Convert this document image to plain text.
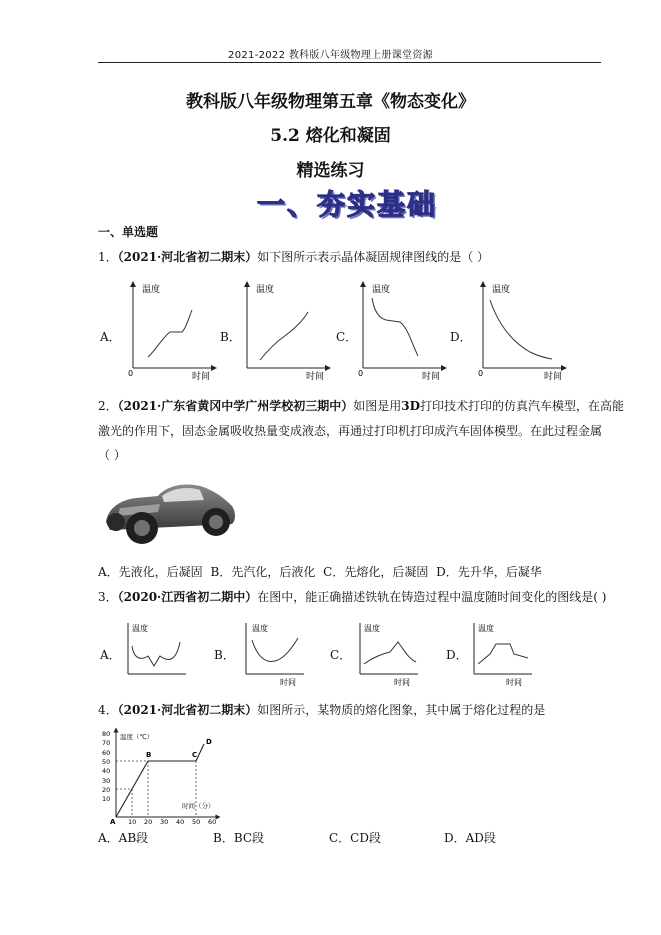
2021-2022 教科版八年级物理上册课堂资源
教科版八年级物理第五章《物态变化》
5.2 熔化和凝固
精选练习
一、夯实基础
一、单选题
1．（2021·河北省初二期末）如下图所示表示晶体凝固规律图线的是（ ）
A．
温度
时间
0
B．
温度
时间
C．
温度
时间
0
D．
温度
时间
0
2．（2021·广东省黄冈中学广州学校初三期中）如图是用3D打印技术打印的仿真汽车模型，在高能
激光的作用下，固态金属吸收热量变成液态，再通过打印机打印成汽车固体模型。在此过程金属
（ ）
A．先液化，后凝固 B．先汽化，后液化 C．先熔化，后凝固 D．先升华，后凝华
3．（2020·江西省初二期中）在图中，能正确描述铁轨在铸造过程中温度随时间变化的图线是( )
A．
温度
B．
温度
时间
C．
温度
时间
D．
温度
时间
4．（2021·河北省初二期末）如图所示，某物质的熔化图象，其中属于熔化过程的是
80
70
60
50
40
30
20
10
10 20 30 40 50 60
温度（℃）
时间（分）
A
B	C
D
A．AB段	B．BC段	C．CD段	D．AD段
